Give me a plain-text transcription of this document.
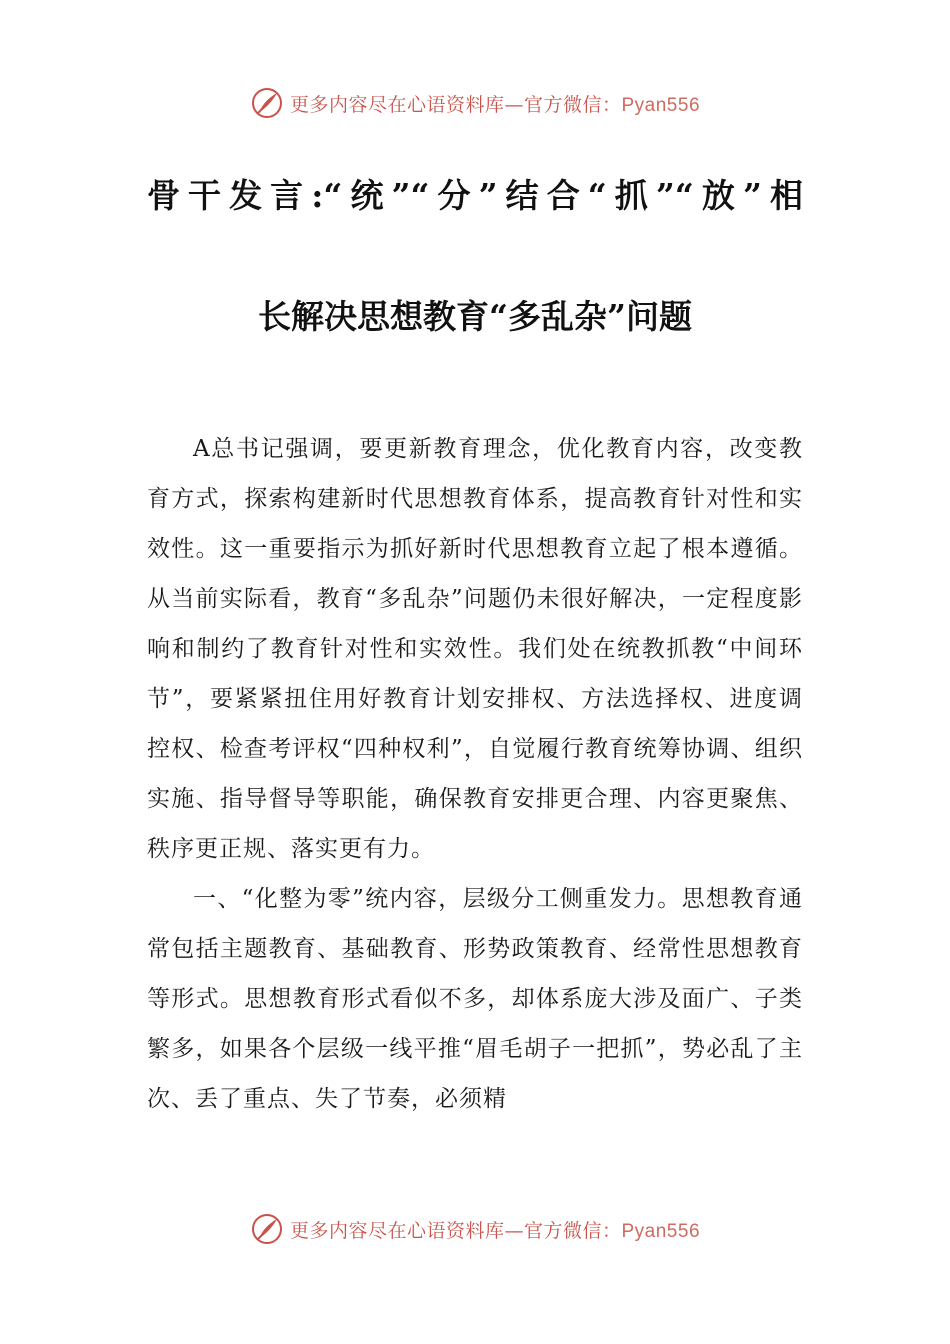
更多内容尽在心语资料库—官方微信：Pyan556
骨干发言:“统”“分”结合“抓”“放”相
长解决思想教育“多乱杂”问题

A总书记强调，要更新教育理念，优化教育内容，改变教育方式，探索构建新时代思想教育体系，提高教育针对性和实效性。这一重要指示为抓好新时代思想教育立起了根本遵循。从当前实际看，教育“多乱杂”问题仍未很好解决，一定程度影响和制约了教育针对性和实效性。我们处在统教抓教“中间环节”，要紧紧扭住用好教育计划安排权、方法选择权、进度调控权、检查考评权“四种权利”，自觉履行教育统筹协调、组织实施、指导督导等职能，确保教育安排更合理、内容更聚焦、秩序更正规、落实更有力。

一、“化整为零”统内容，层级分工侧重发力。思想教育通常包括主题教育、基础教育、形势政策教育、经常性思想教育等形式。思想教育形式看似不多，却体系庞大涉及面广、子类繁多，如果各个层级一线平推“眉毛胡子一把抓”，势必乱了主次、丢了重点、失了节奏，必须精

更多内容尽在心语资料库—官方微信：Pyan556
